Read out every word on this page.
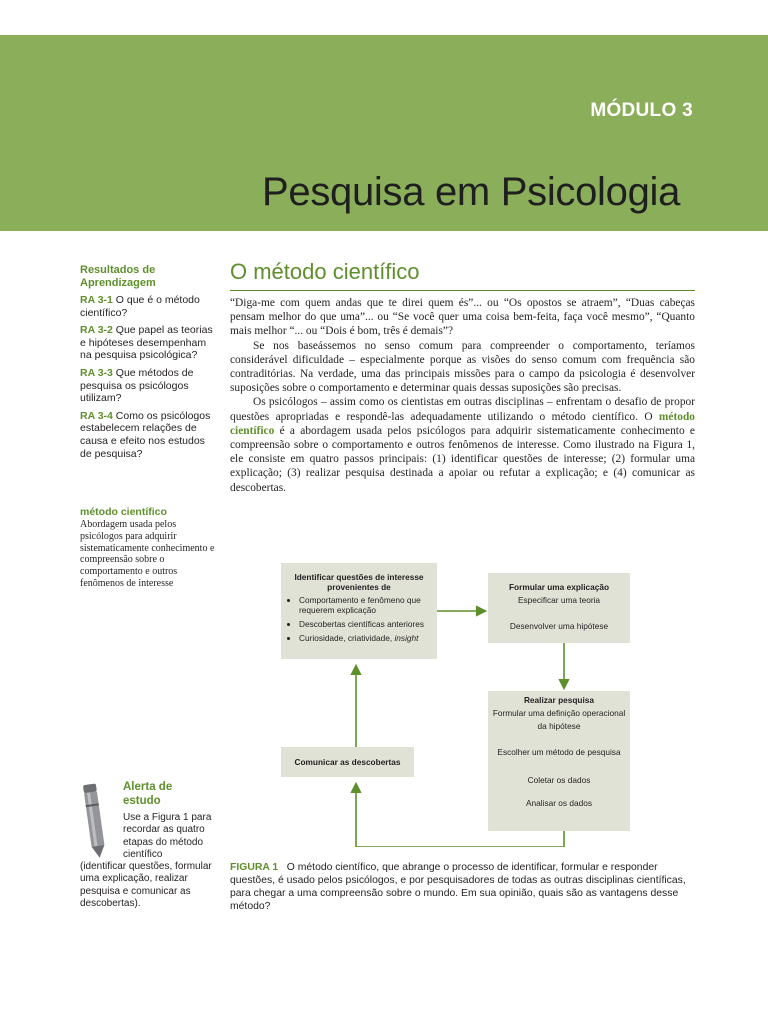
MÓDULO 3
Pesquisa em Psicologia
Resultados de Aprendizagem
RA 3-1 O que é o método científico?
RA 3-2 Que papel as teorias e hipóteses desempenham na pesquisa psicológica?
RA 3-3 Que métodos de pesquisa os psicólogos utilizam?
RA 3-4 Como os psicólogos estabelecem relações de causa e efeito nos estudos de pesquisa?
método científico
Abordagem usada pelos psicólogos para adquirir sistematicamente conhecimento e compreensão sobre o comportamento e outros fenômenos de interesse
Alerta de estudo
Use a Figura 1 para recordar as quatro etapas do método científico
(identificar questões, formular uma explicação, realizar pesquisa e comunicar as descobertas).
O método científico

“Diga-me com quem andas que te direi quem és”... ou “Os opostos se atraem”, “Duas cabeças pensam melhor do que uma”... ou “Se você quer uma coisa bem-feita, faça você mesmo”, “Quanto mais melhor “... ou “Dois é bom, três é demais”?

Se nos baseássemos no senso comum para compreender o comportamento, teríamos considerável dificuldade – especialmente porque as visões do senso comum com frequência são contraditórias. Na verdade, uma das principais missões para o campo da psicologia é desenvolver suposições sobre o comportamento e determinar quais dessas suposições são precisas.

Os psicólogos – assim como os cientistas em outras disciplinas – enfrentam o desafio de propor questões apropriadas e respondê-las adequadamente utilizando o método científico. O método científico é a abordagem usada pelos psicólogos para adquirir sistematicamente conhecimento e compreensão sobre o comportamento e outros fenômenos de interesse. Como ilustrado na Figura 1, ele consiste em quatro passos principais: (1) identificar questões de interesse; (2) formular uma explicação; (3) realizar pesquisa destinada a apoiar ou refutar a explicação; e (4) comunicar as descobertas.

Identificar questões de interesse provenientes de
• Comportamento e fenômeno que requerem explicação
• Descobertas científicas anteriores
• Curiosidade, criatividade, insight
Formular uma explicação
Especificar uma teoria
Desenvolver uma hipótese
Realizar pesquisa
Formular uma definição operacional
da hipótese
Escolher um método de pesquisa
Coletar os dados
Analisar os dados
Comunicar as descobertas
FIGURA 1 O método científico, que abrange o processo de identificar, formular e responder questões, é usado pelos psicólogos, e por pesquisadores de todas as outras disciplinas científicas, para chegar a uma compreensão sobre o mundo. Em sua opinião, quais são as vantagens desse método?
